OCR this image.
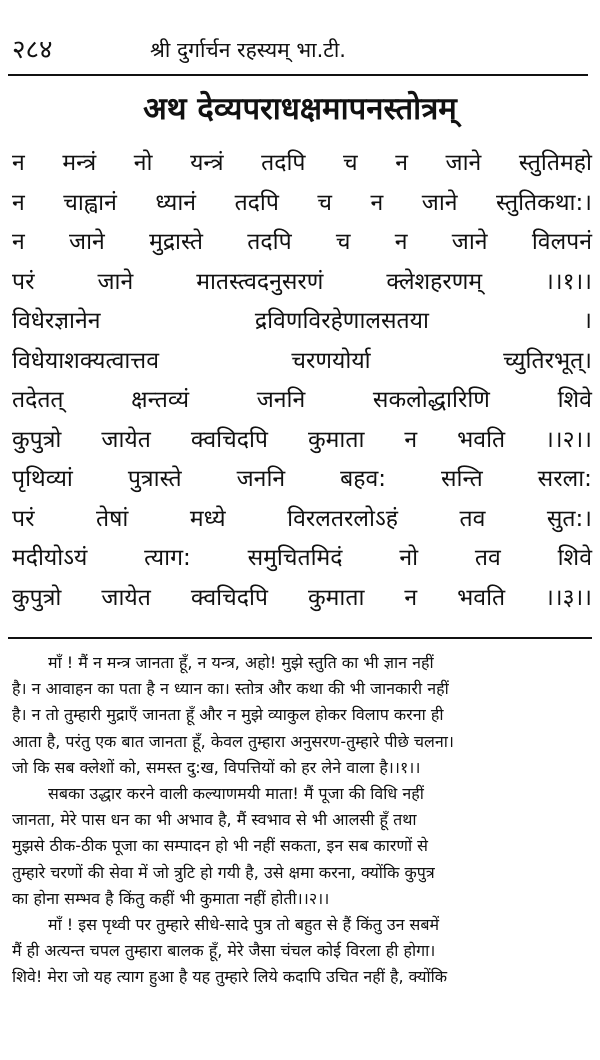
२८४	श्री दुर्गार्चन रहस्यम् भा.टी.
अथ देव्यपराधक्षमापनस्तोत्रम्
न मन्त्रं नो यन्त्रं तदपि च न जाने स्तुतिमहो
न चाह्वानं ध्यानं तदपि च न जाने स्तुतिकथा:।
न जाने मुद्रास्ते तदपि च न जाने विलपनं
परं	जाने	मातस्त्वदनुसरणं	क्लेशहरणम्	।।१।।
विधेरज्ञानेन	द्रविणविरहेणालसतया	।
विधेयाशक्यत्वात्तव	चरणयोर्या	च्युतिरभूत्।
तदेतत्	क्षन्तव्यं	जननि	सकलोद्धारिणि	शिवे
कुपुत्रो जायेत क्वचिदपि कुमाता न भवति ।।२।।
पृथिव्यां पुत्रास्ते जननि बहव: सन्ति सरला:
परं	तेषां	मध्ये	विरलतरलोऽहं	तव	सुत:।
मदीयोऽयं त्याग: समुचितमिदं नो तव शिवे
कुपुत्रो जायेत क्वचिदपि कुमाता न भवति ।।३।।
माँ ! मैं न मन्त्र जानता हूँ, न यन्त्र, अहो! मुझे स्तुति का भी ज्ञान नहीं
है। न आवाहन का पता है न ध्यान का। स्तोत्र और कथा की भी जानकारी नहीं
है। न तो तुम्हारी मुद्राएँ जानता हूँ और न मुझे व्याकुल होकर विलाप करना ही
आता है, परंतु एक बात जानता हूँ, केवल तुम्हारा अनुसरण-तुम्हारे पीछे चलना।
जो कि सब क्लेशों को, समस्त दु:ख, विपत्तियों को हर लेने वाला है।।१।।
सबका उद्धार करने वाली कल्याणमयी माता! मैं पूजा की विधि नहीं
जानता, मेरे पास धन का भी अभाव है, मैं स्वभाव से भी आलसी हूँ तथा
मुझसे ठीक-ठीक पूजा का सम्पादन हो भी नहीं सकता, इन सब कारणों से
तुम्हारे चरणों की सेवा में जो त्रुटि हो गयी है, उसे क्षमा करना, क्योंकि कुपुत्र
का होना सम्भव है किंतु कहीं भी कुमाता नहीं होती।।२।।
माँ ! इस पृथ्वी पर तुम्हारे सीधे-सादे पुत्र तो बहुत से हैं किंतु उन सबमें
मैं ही अत्यन्त चपल तुम्हारा बालक हूँ, मेरे जैसा चंचल कोई विरला ही होगा।
शिवे! मेरा जो यह त्याग हुआ है यह तुम्हारे लिये कदापि उचित नहीं है, क्योंकि
